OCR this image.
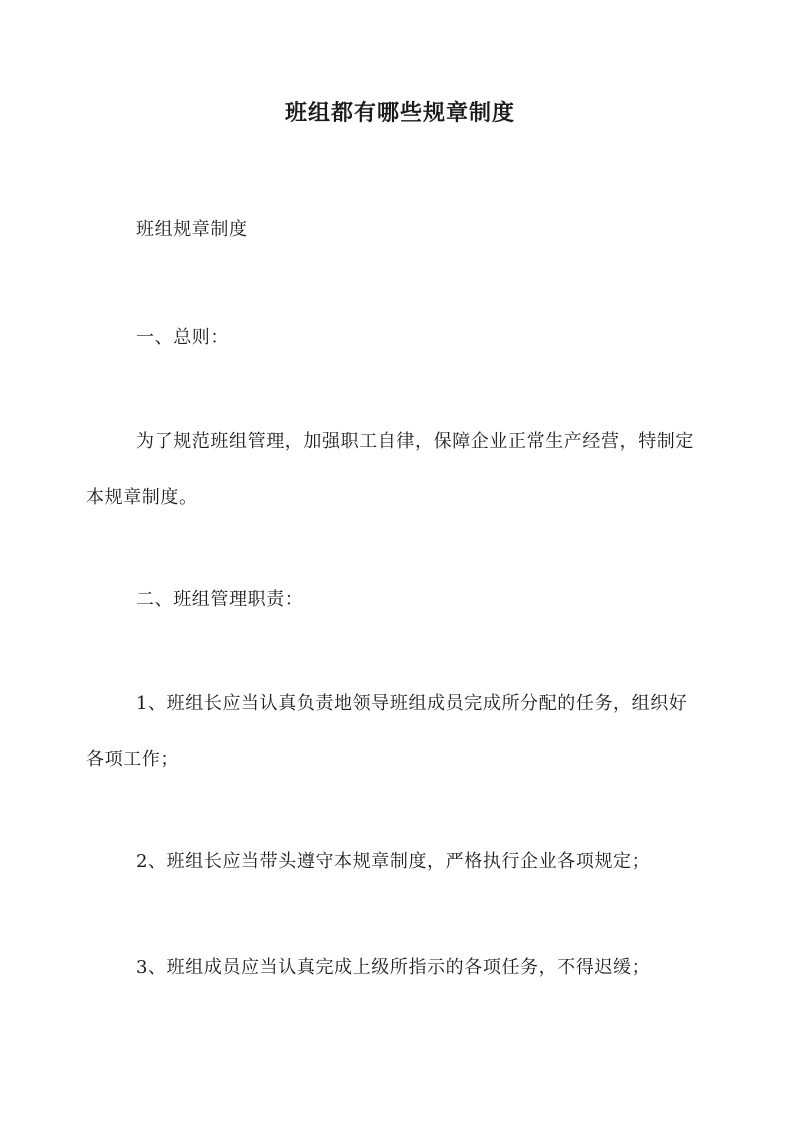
班组都有哪些规章制度

班组规章制度

一、总则：

为了规范班组管理，加强职工自律，保障企业正常生产经营，特制定本规章制度。

二、班组管理职责：

1、班组长应当认真负责地领导班组成员完成所分配的任务，组织好各项工作；

2、班组长应当带头遵守本规章制度，严格执行企业各项规定；

3、班组成员应当认真完成上级所指示的各项任务，不得迟缓；
